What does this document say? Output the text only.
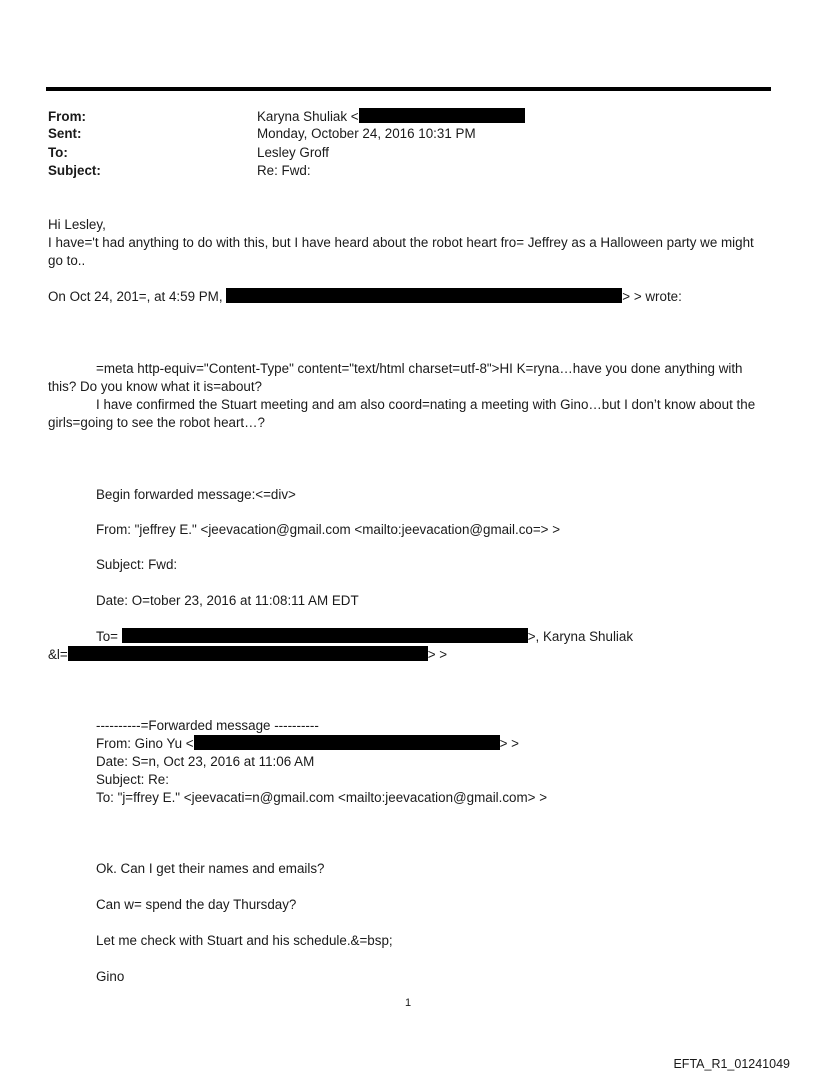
From:	Karyna Shuliak <
Sent:	Monday, October 24, 2016 10:31 PM
To:	Lesley Groff
Subject:	Re: Fwd:
Hi Lesley,
I have='t had anything to do with this, but I have heard about the robot heart fro= Jeffrey as a Halloween party we might go to..
On Oct 24, 201=, at 4:59 PM,	> > wrote:
=meta http-equiv="Content-Type" content="text/html charset=utf-8">HI K=ryna…have you done anything with
this? Do you know what it is=about?
I have confirmed the Stuart meeting and am also coord=nating a meeting with Gino…but I don’t know about the
girls=going to see the robot heart…?
Begin forwarded message:<=div>
From: "jeffrey E." <jeevacation@gmail.com <mailto:jeevacation@gmail.co=> >
Subject: Fwd:
Date: O=tober 23, 2016 at 11:08:11 AM EDT
To=	>, Karyna Shuliak
&l=	> >
----------=Forwarded message ----------
From: Gino Yu <	> >
Date: S=n, Oct 23, 2016 at 11:06 AM
Subject: Re:
To: "j=ffrey E." <jeevacati=n@gmail.com <mailto:jeevacation@gmail.com> >
Ok. Can I get their names and emails?
Can w= spend the day Thursday?
Let me check with Stuart and his schedule.&=bsp;
Gino
1
EFTA_R1_01241049
